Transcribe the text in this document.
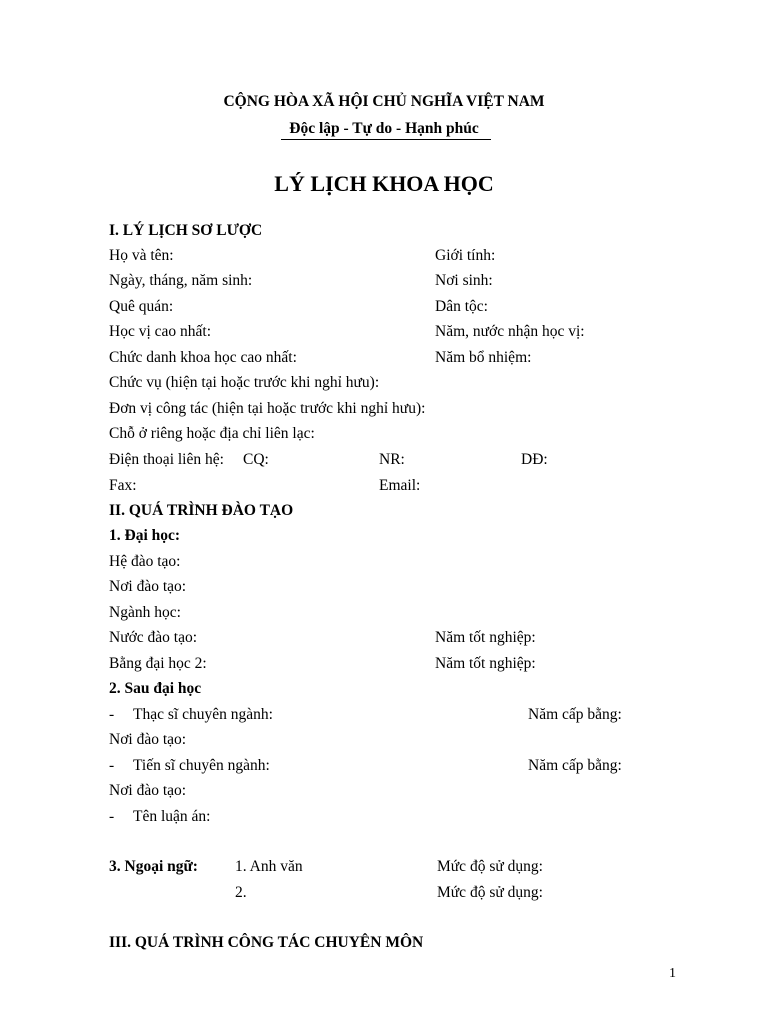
CỘNG HÒA XÃ HỘI CHỦ NGHĨA VIỆT NAM
Độc lập - Tự do - Hạnh phúc
LÝ LỊCH KHOA HỌC
I. LÝ LỊCH SƠ LƯỢC
Họ và tên:	Giới tính:
Ngày, tháng, năm sinh:	Nơi sinh:
Quê quán:	Dân tộc:
Học vị cao nhất:	Năm, nước nhận học vị:
Chức danh khoa học cao nhất:	Năm bổ nhiệm:
Chức vụ (hiện tại hoặc trước khi nghỉ hưu):
Đơn vị công tác (hiện tại hoặc trước khi nghỉ hưu):
Chỗ ở riêng hoặc địa chỉ liên lạc:
Điện thoại liên hệ: CQ:	NR:	DĐ:
Fax:	Email:
II. QUÁ TRÌNH ĐÀO TẠO
1. Đại học:
Hệ đào tạo:
Nơi đào tạo:
Ngành học:
Nước đào tạo:	Năm tốt nghiệp:
Bằng đại học 2:	Năm tốt nghiệp:
2. Sau đại học
- Thạc sĩ chuyên ngành:	Năm cấp bằng:
Nơi đào tạo:
- Tiến sĩ chuyên ngành:	Năm cấp bằng:
Nơi đào tạo:
- Tên luận án:
3. Ngoại ngữ: 1. Anh văn	Mức độ sử dụng:
2.	Mức độ sử dụng:
III. QUÁ TRÌNH CÔNG TÁC CHUYÊN MÔN
1
